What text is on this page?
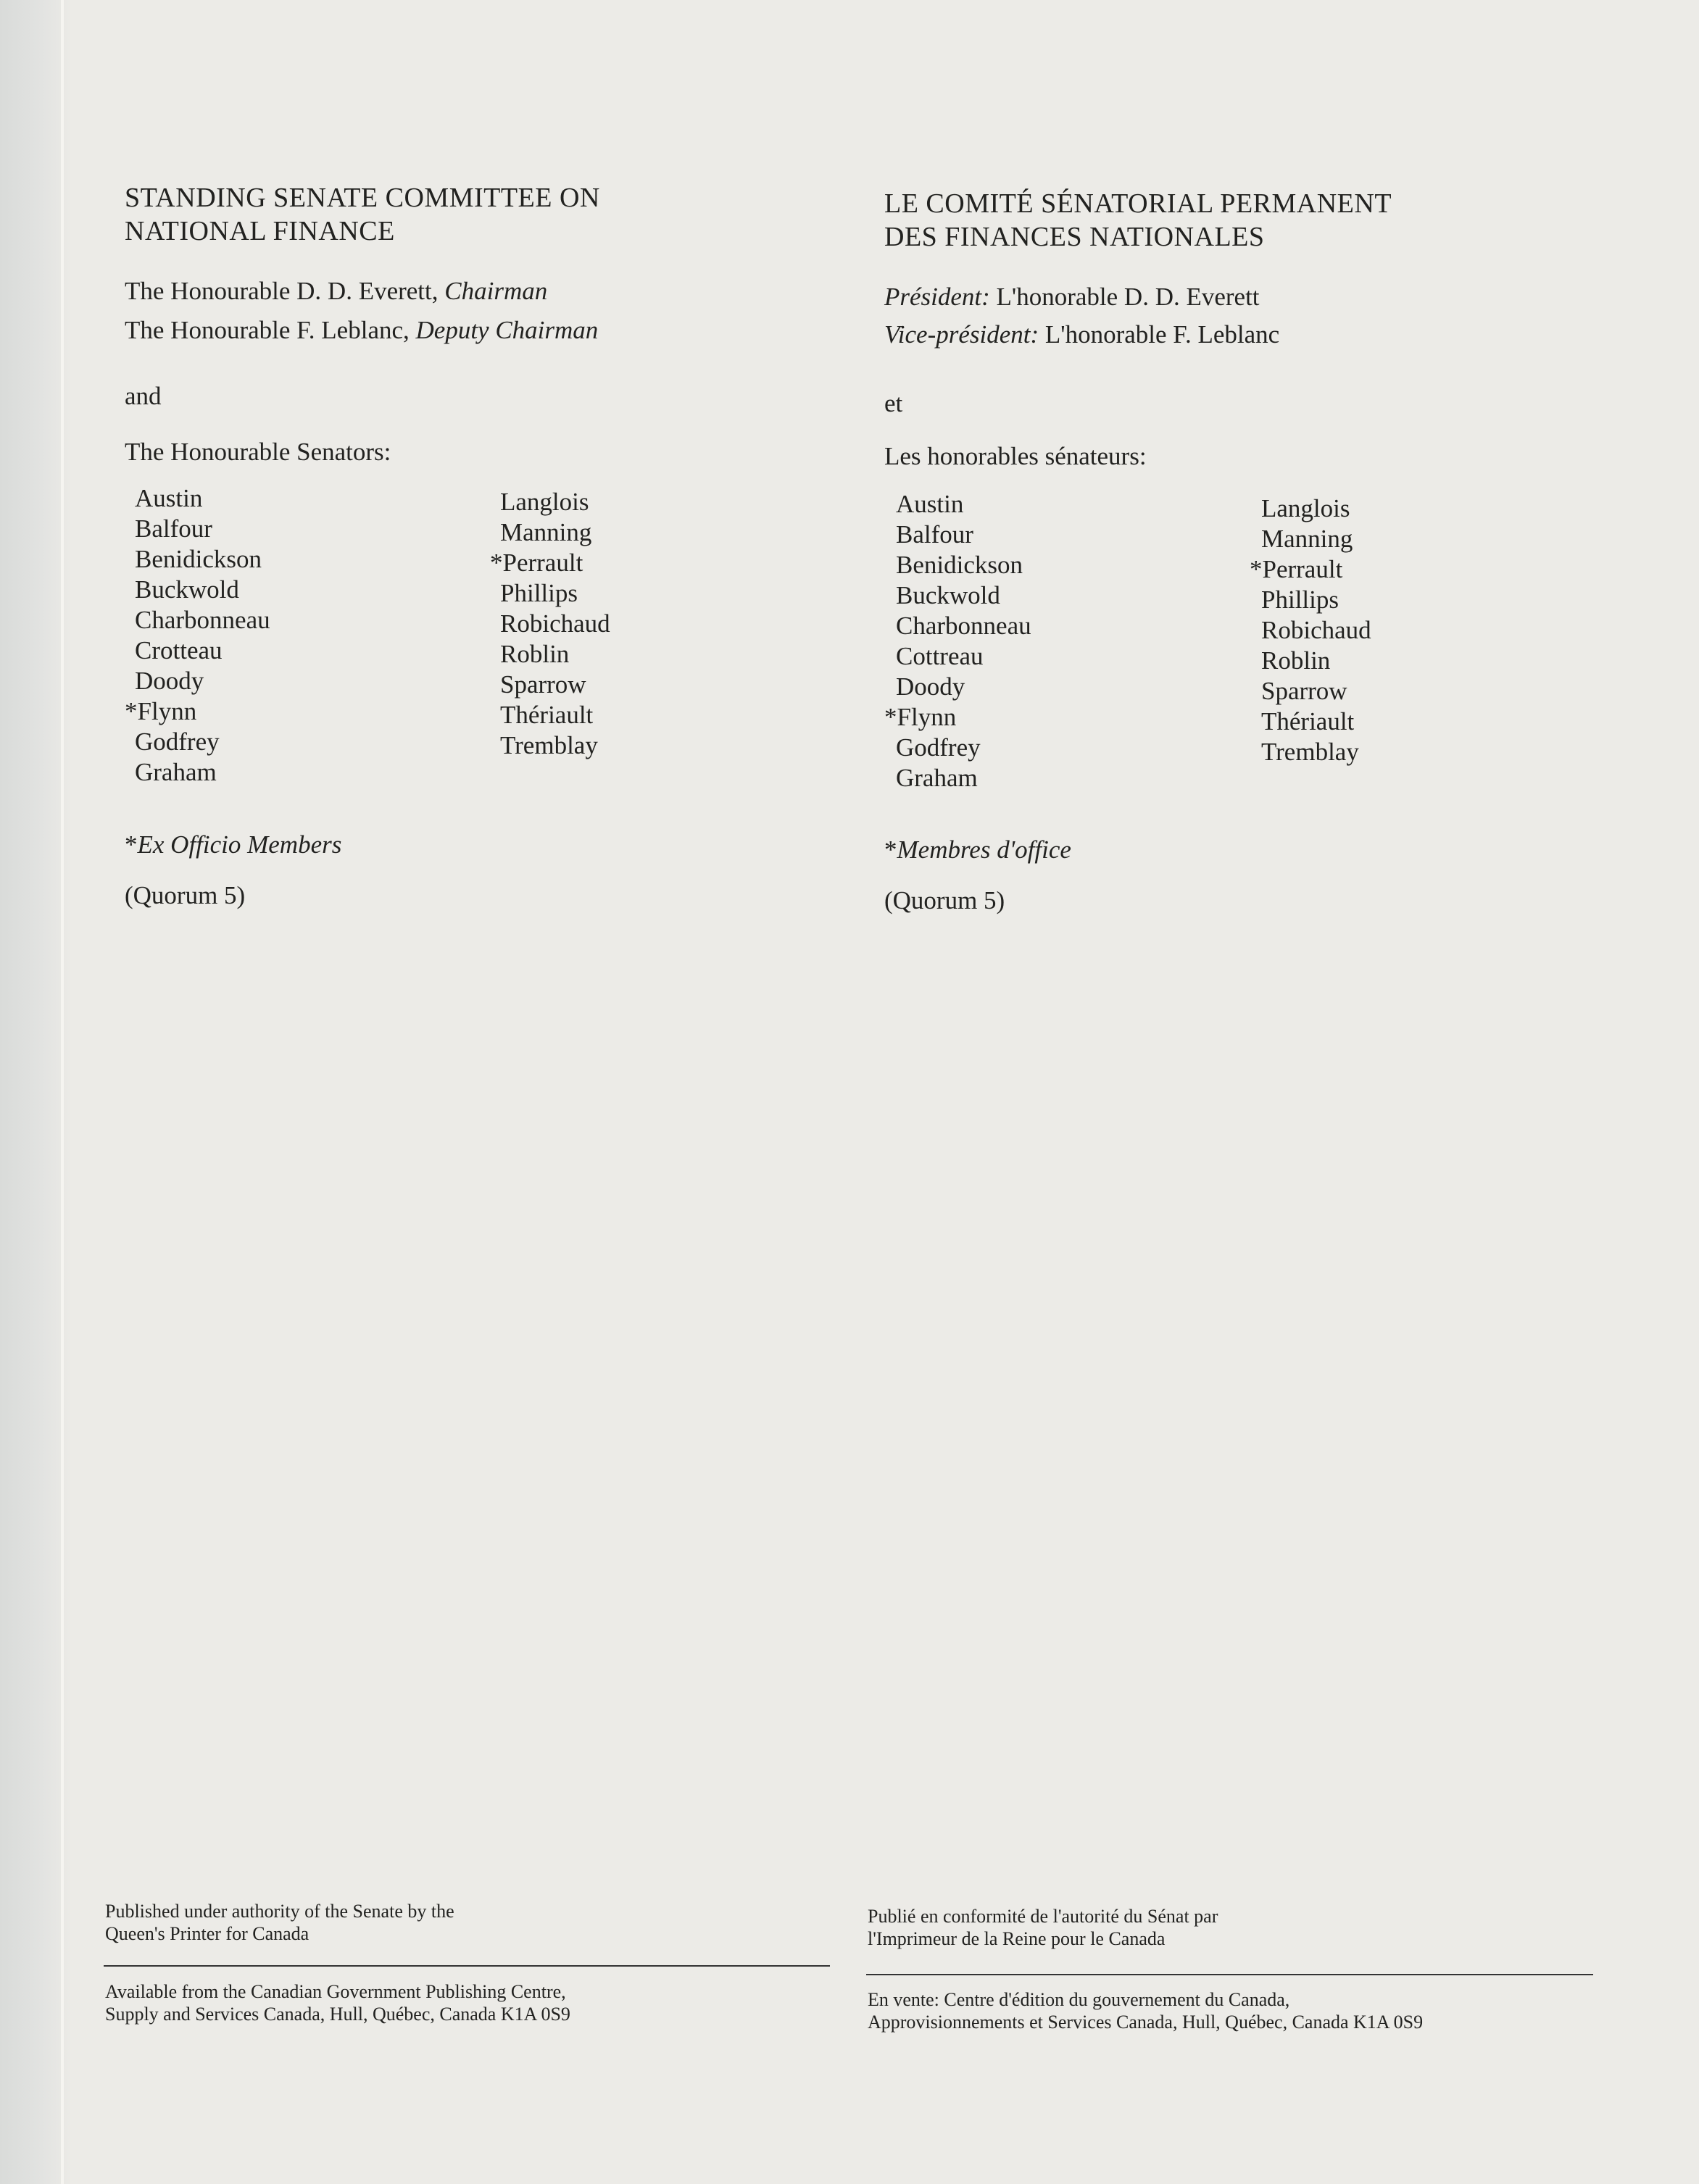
STANDING SENATE COMMITTEE ON
NATIONAL FINANCE

The Honourable D. D. Everett, Chairman

The Honourable F. Leblanc, Deputy Chairman

and

The Honourable Senators:

Austin
Balfour
Benidickson
Buckwold
Charbonneau
Crotteau
Doody
*Flynn
Godfrey
Graham
Langlois
Manning
*Perrault
Phillips
Robichaud
Roblin
Sparrow
Thériault
Tremblay

*Ex Officio Members

(Quorum 5)

LE COMITÉ SÉNATORIAL PERMANENT
DES FINANCES NATIONALES

Président: L'honorable D. D. Everett

Vice-président: L'honorable F. Leblanc

et

Les honorables sénateurs:

Austin
Balfour
Benidickson
Buckwold
Charbonneau
Cottreau
Doody
*Flynn
Godfrey
Graham
Langlois
Manning
*Perrault
Phillips
Robichaud
Roblin
Sparrow
Thériault
Tremblay

*Membres d'office

(Quorum 5)

Published under authority of the Senate by the
Queen's Printer for Canada

Available from the Canadian Government Publishing Centre,
Supply and Services Canada, Hull, Québec, Canada K1A 0S9

Publié en conformité de l'autorité du Sénat par
l'Imprimeur de la Reine pour le Canada

En vente: Centre d'édition du gouvernement du Canada,
Approvisionnements et Services Canada, Hull, Québec, Canada K1A 0S9
